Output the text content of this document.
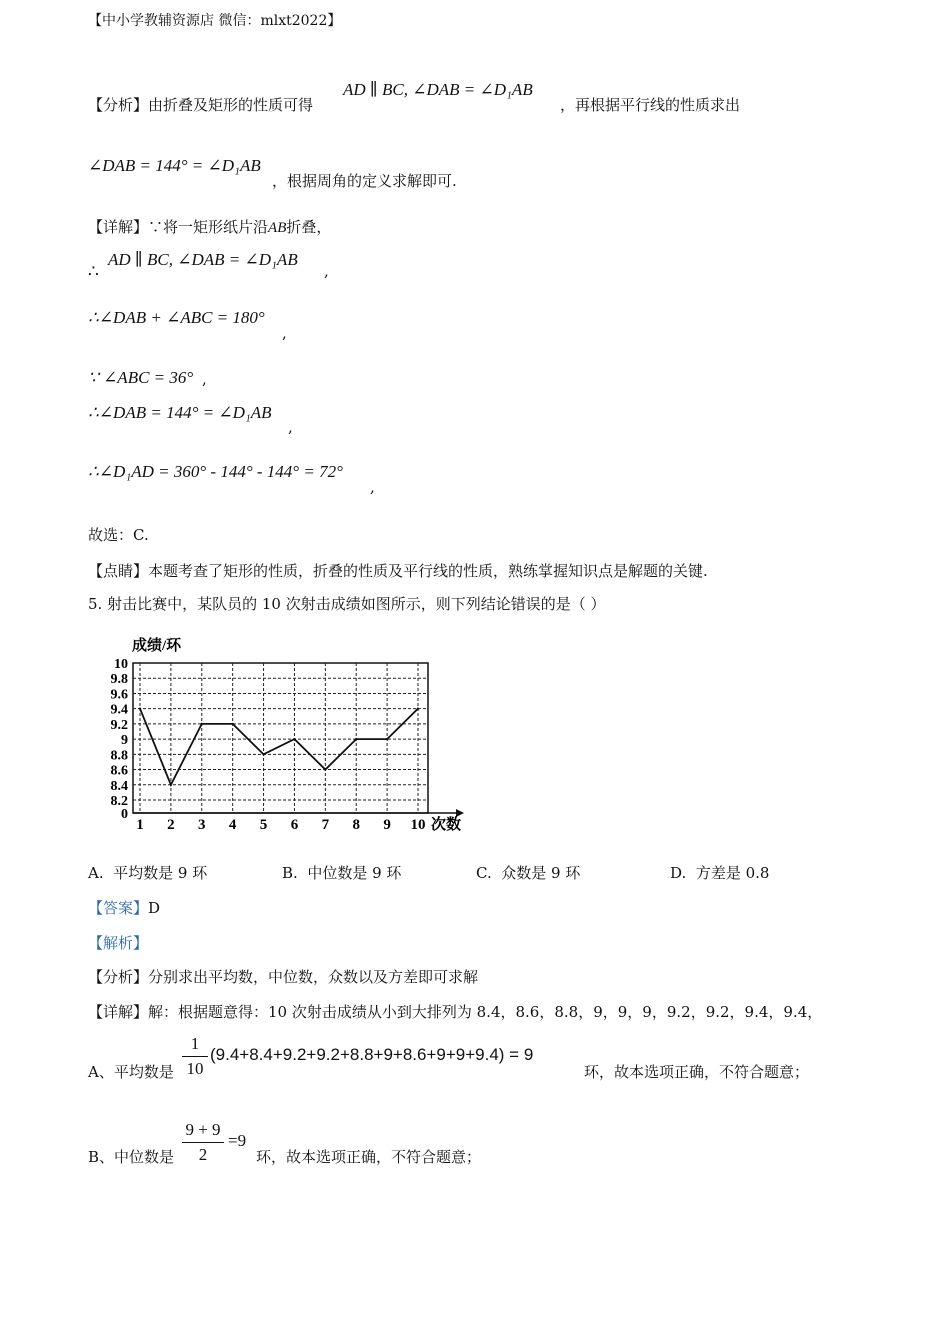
【中小学教辅资源店 微信：mlxt2022】
【分析】由折叠及矩形的性质可得
AD ∥ BC, ∠DAB = ∠D₁AB
，再根据平行线的性质求出
∠DAB = 144° = ∠D₁AB
，根据周角的定义求解即可.
【详解】∵将一矩形纸片沿AB折叠，
∴
AD ∥ BC, ∠DAB = ∠D₁AB
,
∴∠DAB + ∠ABC = 180°
,
∵ ∠ABC = 36° ,
∴∠DAB = 144° = ∠D₁AB
,
∴∠D₁AD = 360° - 144° - 144° = 72°
,
故选：C.
【点睛】本题考查了矩形的性质，折叠的性质及平行线的性质，熟练掌握知识点是解题的关键.
5. 射击比赛中，某队员的 10 次射击成绩如图所示，则下列结论错误的是（ ）
成绩/环
次数
0
8.2
8.4
8.6
8.8
9
9.2
9.4
9.6
9.8
10
1 2 3 4 5 6 7 8 9 10
A. 平均数是 9 环	B. 中位数是 9 环	C. 众数是 9 环	D. 方差是 0.8
【答案】D
【解析】
【分析】分别求出平均数，中位数，众数以及方差即可求解
【详解】解：根据题意得：10 次射击成绩从小到大排列为 8.4，8.6，8.8，9，9，9，9.2，9.2，9.4，9.4，
A、平均数是
1
10
(9.4+8.4+9.2+9.2+8.8+9+8.6+9+9+9.4) = 9
环，故本选项正确，不符合题意；
B、中位数是
9 + 9
2
=9
环，故本选项正确，不符合题意；
